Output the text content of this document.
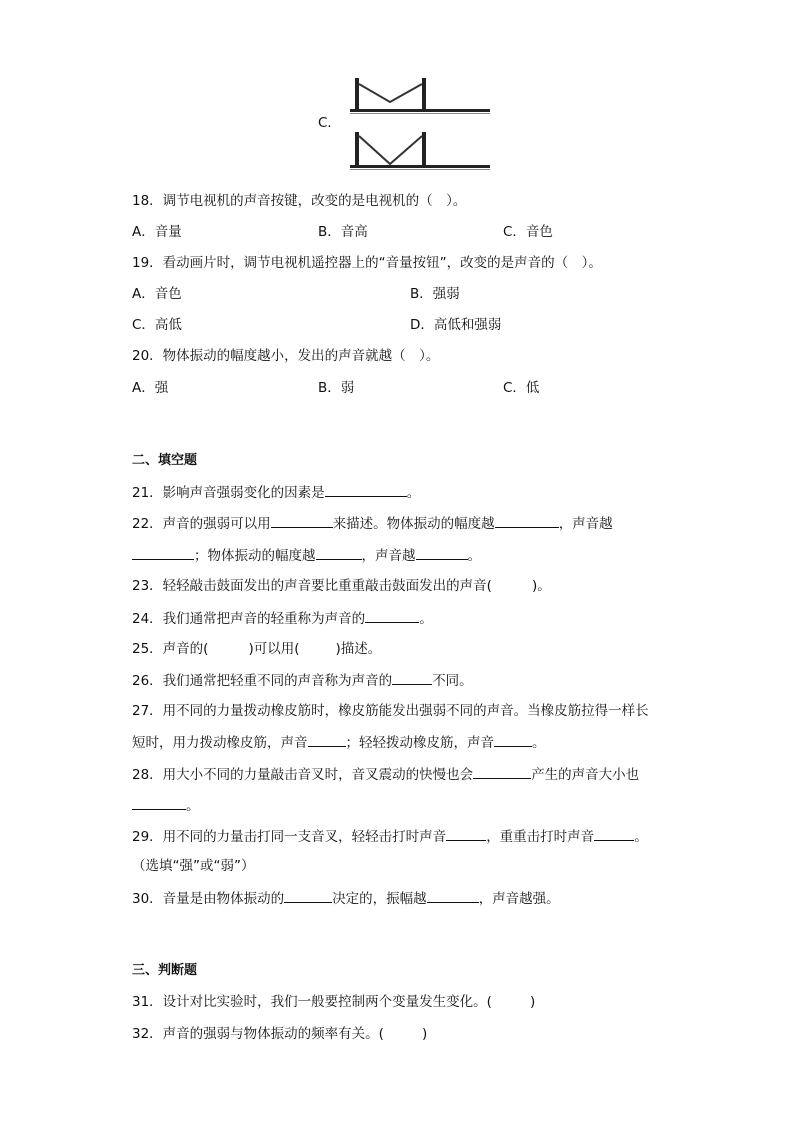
C．
18．调节电视机的声音按键，改变的是电视机的（　）。
A．音量	B．音高	C．音色
19．看动画片时，调节电视机遥控器上的“音量按钮”，改变的是声音的（　）。
A．音色	B．强弱
C．高低	D．高低和强弱
20．物体振动的幅度越小，发出的声音就越（　）。
A．强	B．弱	C．低
二、填空题
21．影响声音强弱变化的因素是	。
22．声音的强弱可以用	来描述。物体振动的幅度越	，声音越
；物体振动的幅度越	，声音越	。
23．轻轻敲击鼓面发出的声音要比重重敲击鼓面发出的声音(	)。
24．我们通常把声音的轻重称为声音的	。
25．声音的(	)可以用(	)描述。
26．我们通常把轻重不同的声音称为声音的	不同。
27．用不同的力量拨动橡皮筋时，橡皮筋能发出强弱不同的声音。当橡皮筋拉得一样长
短时，用力拨动橡皮筋，声音	；轻轻拨动橡皮筋，声音	。
28．用大小不同的力量敲击音叉时，音叉震动的快慢也会	产生的声音大小也
。
29．用不同的力量击打同一支音叉，轻轻击打时声音	，重重击打时声音	。
（选填“强”或“弱”）
30．音量是由物体振动的	决定的，振幅越	，声音越强。
三、判断题
31．设计对比实验时，我们一般要控制两个变量发生变化。(	)
32．声音的强弱与物体振动的频率有关。(	)
